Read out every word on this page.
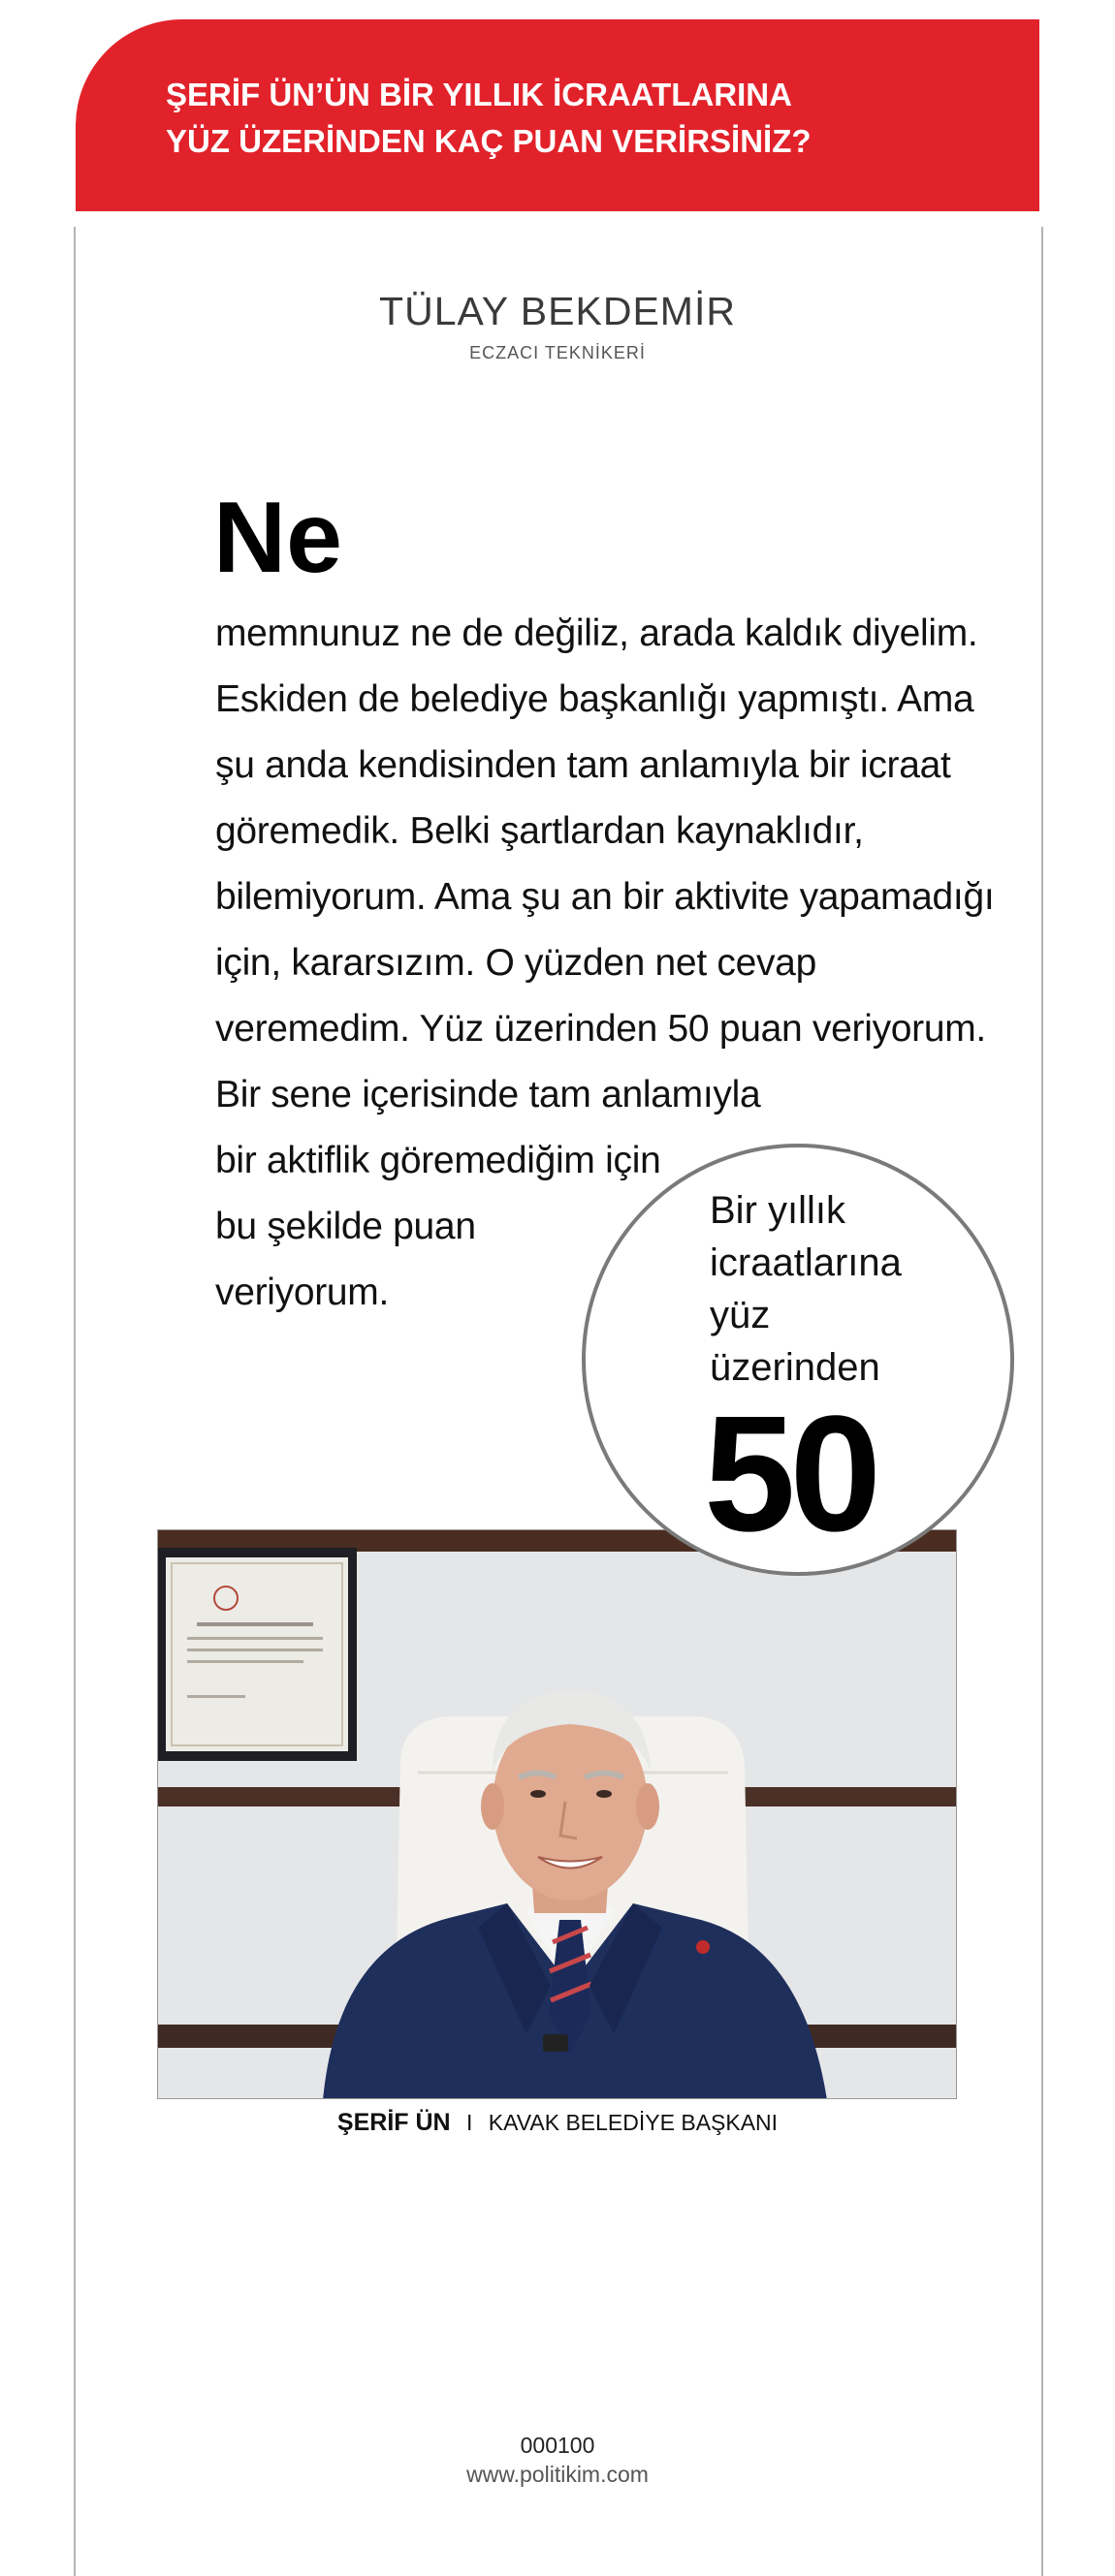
ŞERİF ÜN’ÜN BİR YILLIK İCRAATLARINA
YÜZ ÜZERİNDEN KAÇ PUAN VERİRSİNİZ?
TÜLAY BEKDEMİR
ECZACI TEKNİKERİ
Ne
memnunuz ne de değiliz, arada kaldık diyelim.
Eskiden de belediye başkanlığı yapmıştı. Ama
şu anda kendisinden tam anlamıyla bir icraat
göremedik. Belki şartlardan kaynaklıdır,
bilemiyorum. Ama şu an bir aktivite yapamadığı
için, kararsızım. O yüzden net cevap
veremedim. Yüz üzerinden 50 puan veriyorum.
Bir sene içerisinde tam anlamıyla
bir aktiflik göremediğim için
bu şekilde puan
veriyorum.
Bir yıllık
icraatlarına
yüz
üzerinden
50
ŞERİF ÜN I KAVAK BELEDİYE BAŞKANI
000100
www.politikim.com
